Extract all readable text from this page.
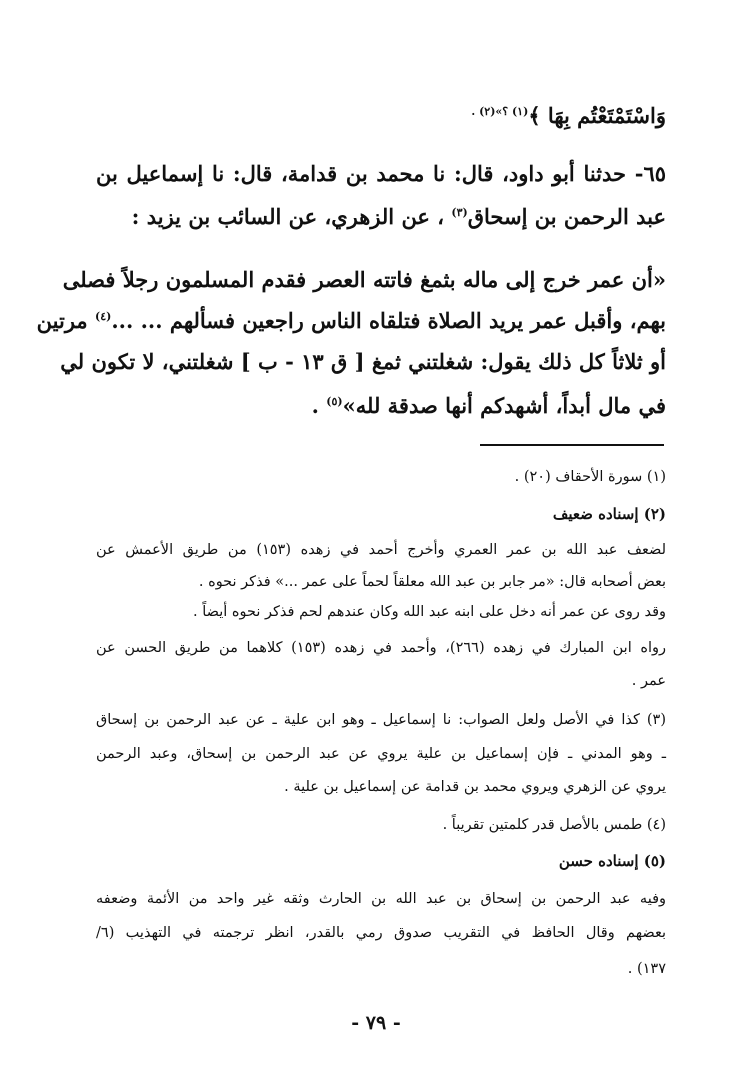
وَاسْتَمْتَعْتُم بِهَا ﴾$^{(١) ؟»(٢) .}$
٦٥- حدثنا أبو داود، قال: نا محمد بن قدامة، قال: نا إسماعيل بن
عبد الرحمن بن إسحاق$^{(٣)}$ ، عن الزهري، عن السائب بن يزيد :
«أن عمر خرج إلى ماله بثمغ فاتته العصر فقدم المسلمون رجلاً فصلى
بهم، وأقبل عمر يريد الصلاة فتلقاه الناس راجعين فسألهم ... ...$^{(٤)}$ مرتين
أو ثلاثاً كل ذلك يقول: شغلتني ثمغ [ ق ١٣ - ب ] شغلتني، لا تكون لي
في مال أبداً، أشهدكم أنها صدقة لله»$^{(٥)}$ .
(١) سورة الأحقاف (٢٠) .
(٢) إسناده ضعيف
لضعف عبد الله بن عمر العمري وأخرج أحمد في زهده (١٥٣) من طريق الأعمش عن
بعض أصحابه قال: «مر جابر بن عبد الله معلقاً لحماً على عمر ...» فذكر نحوه .
وقد روى عن عمر أنه دخل على ابنه عبد الله وكان عندهم لحم فذكر نحوه أيضاً .
رواه ابن المبارك في زهده (٢٦٦)، وأحمد في زهده (١٥٣) كلاهما من طريق الحسن عن
عمر .
(٣) كذا في الأصل ولعل الصواب: نا إسماعيل ـ وهو ابن علية ـ عن عبد الرحمن بن إسحاق
ـ وهو المدني ـ فإن إسماعيل بن علية يروي عن عبد الرحمن بن إسحاق، وعبد الرحمن
يروي عن الزهري ويروي محمد بن قدامة عن إسماعيل بن علية .
(٤) طمس بالأصل قدر كلمتين تقريباً .
(٥) إسناده حسن
وفيه عبد الرحمن بن إسحاق بن عبد الله بن الحارث وثقه غير واحد من الأئمة وضعفه
بعضهم وقال الحافظ في التقريب صدوق رمي بالقدر، انظر ترجمته في التهذيب (٦/
١٣٧) .
- ٧٩ -
